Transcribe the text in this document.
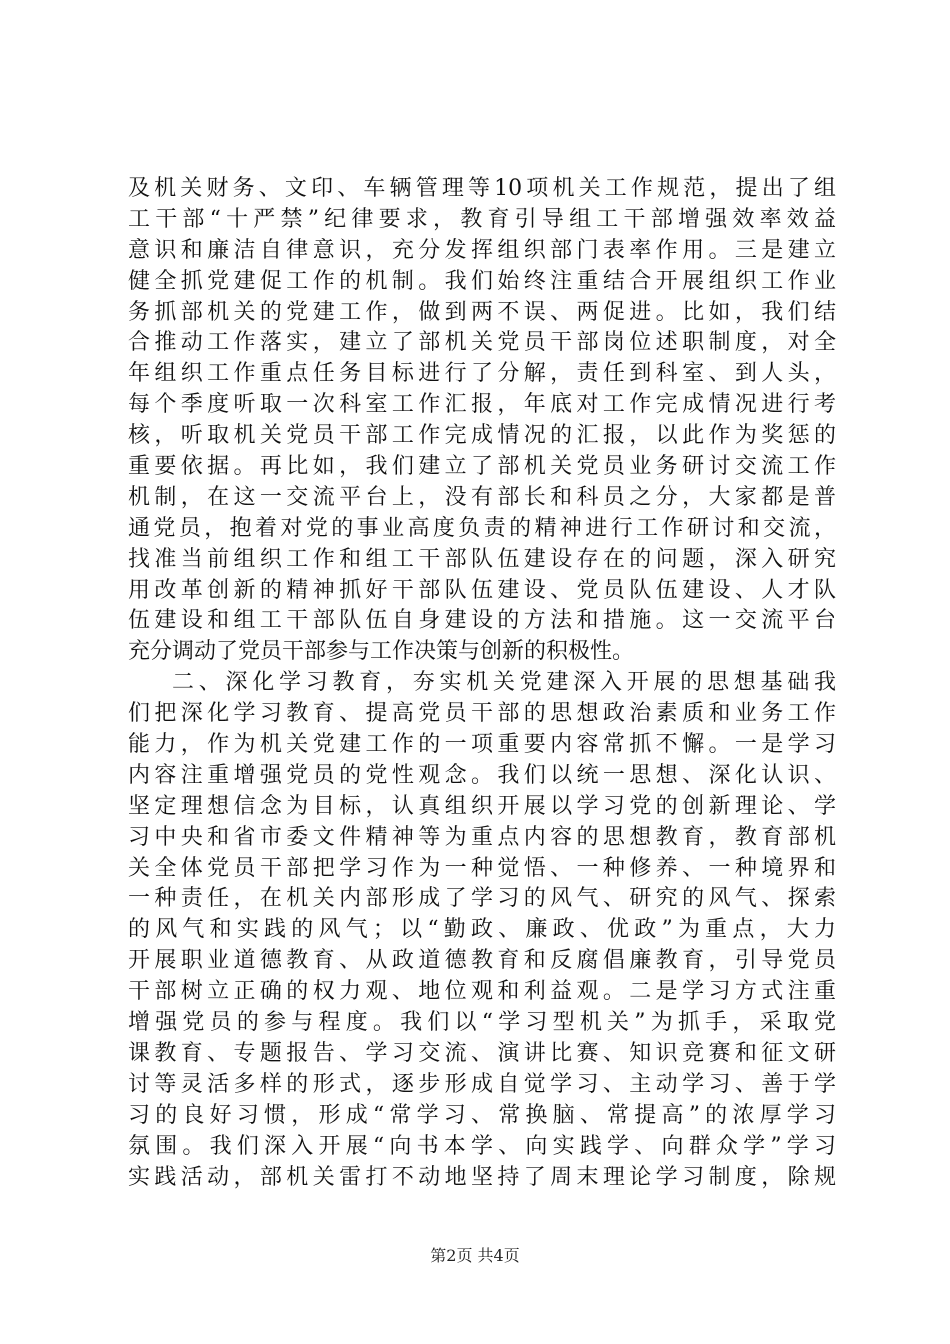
及机关财务、文印、车辆管理等10项机关工作规范，提出了组
工干部“十严禁”纪律要求，教育引导组工干部增强效率效益
意识和廉洁自律意识，充分发挥组织部门表率作用。三是建立
健全抓党建促工作的机制。我们始终注重结合开展组织工作业
务抓部机关的党建工作，做到两不误、两促进。比如，我们结
合推动工作落实，建立了部机关党员干部岗位述职制度，对全
年组织工作重点任务目标进行了分解，责任到科室、到人头，
每个季度听取一次科室工作汇报，年底对工作完成情况进行考
核，听取机关党员干部工作完成情况的汇报，以此作为奖惩的
重要依据。再比如，我们建立了部机关党员业务研讨交流工作
机制，在这一交流平台上，没有部长和科员之分，大家都是普
通党员，抱着对党的事业高度负责的精神进行工作研讨和交流，
找准当前组织工作和组工干部队伍建设存在的问题，深入研究
用改革创新的精神抓好干部队伍建设、党员队伍建设、人才队
伍建设和组工干部队伍自身建设的方法和措施。这一交流平台
充分调动了党员干部参与工作决策与创新的积极性。
二、深化学习教育，夯实机关党建深入开展的思想基础我
们把深化学习教育、提高党员干部的思想政治素质和业务工作
能力，作为机关党建工作的一项重要内容常抓不懈。一是学习
内容注重增强党员的党性观念。我们以统一思想、深化认识、
坚定理想信念为目标，认真组织开展以学习党的创新理论、学
习中央和省市委文件精神等为重点内容的思想教育，教育部机
关全体党员干部把学习作为一种觉悟、一种修养、一种境界和
一种责任，在机关内部形成了学习的风气、研究的风气、探索
的风气和实践的风气；以“勤政、廉政、优政”为重点，大力
开展职业道德教育、从政道德教育和反腐倡廉教育，引导党员
干部树立正确的权力观、地位观和利益观。二是学习方式注重
增强党员的参与程度。我们以“学习型机关”为抓手，采取党
课教育、专题报告、学习交流、演讲比赛、知识竞赛和征文研
讨等灵活多样的形式，逐步形成自觉学习、主动学习、善于学
习的良好习惯，形成“常学习、常换脑、常提高”的浓厚学习
氛围。我们深入开展“向书本学、向实践学、向群众学”学习
实践活动，部机关雷打不动地坚持了周末理论学习制度，除规
第2页 共4页
